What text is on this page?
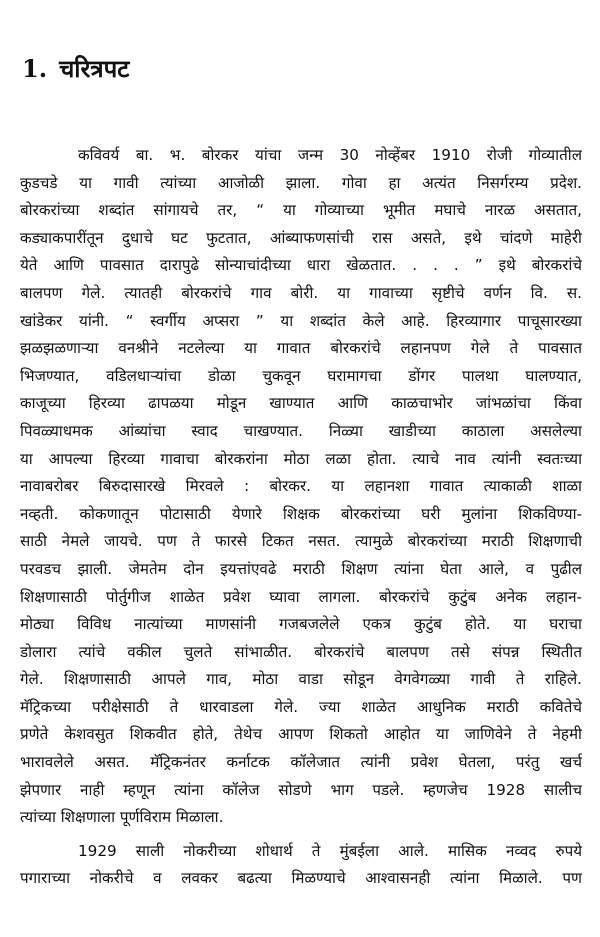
1. चरित्रपट
कविवर्य बा. भ. बोरकर यांचा जन्म 30 नोव्हेंबर 1910 रोजी गोव्यातील
कुडचडे या गावी त्यांच्या आजोळी झाला. गोवा हा अत्यंत निसर्गरम्य प्रदेश.
बोरकरांच्या शब्दांत सांगायचे तर, “ या गोव्याच्या भूमीत मघाचे नारळ असतात,
कड्याकपारींतून दुधाचे घट फुटतात, आंब्याफणसांची रास असते, इथे चांदणे माहेरी
येते आणि पावसात दारापुढे सोन्याचांदीच्या धारा खेळतात. . . . ” इथे बोरकरांचे
बालपण गेले. त्यातही बोरकरांचे गाव बोरी. या गावाच्या सृष्टीचे वर्णन वि. स.
खांडेकर यांनी. “ स्वर्गीय अप्सरा ” या शब्दांत केले आहे. हिरव्यागार पाचूसारख्या
झळझळणाऱ्या वनश्रीने नटलेल्या या गावात बोरकरांचे लहानपण गेले ते पावसात
भिजण्यात, वडिलधाऱ्यांचा डोळा चुकवून घरामागचा डोंगर पालथा घालण्यात,
काजूच्या हिरव्या ढापळया मोडून खाण्यात आणि काळचाभोर जांभळांचा किंवा
पिवळ्याधमक आंब्यांचा स्वाद चाखण्यात. निळ्या खाडीच्या काठाला असलेल्या
या आपल्या हिरव्या गावाचा बोरकरांना मोठा लळा होता. त्याचे नाव त्यांनी स्वतःच्या
नावाबरोबर बिरुदासारखे मिरवले : बोरकर. या लहानशा गावात त्याकाळी शाळा
नव्हती. कोकणातून पोटासाठी येणारे शिक्षक बोरकरांच्या घरी मुलांना शिकविण्या-
साठी नेमले जायचे. पण ते फारसे टिकत नसत. त्यामुळे बोरकरांच्या मराठी शिक्षणाची
परवडच झाली. जेमतेम दोन इयत्तांएवढे मराठी शिक्षण त्यांना घेता आले, व पुढील
शिक्षणासाठी पोर्तुगीज शाळेत प्रवेश घ्यावा लागला. बोरकरांचे कुटुंब अनेक लहान-
मोठ्या विविध नात्यांच्या माणसांनी गजबजलेले एकत्र कुटुंब होते. या घराचा
डोलारा त्यांचे वकील चुलते सांभाळीत. बोरकरांचे बालपण तसे संपन्न स्थितीत
गेले. शिक्षणासाठी आपले गाव, मोठा वाडा सोडून वेगवेगळ्या गावी ते राहिले.
मॅट्रिकच्या परीक्षेसाठी ते धारवाडला गेले. ज्या शाळेत आधुनिक मराठी कवितेचे
प्रणेते केशवसुत शिकवीत होते, तेथेच आपण शिकतो आहोत या जाणिवेने ते नेहमी
भारावलेले असत. मॅट्रिकनंतर कर्नाटक कॉलेजात त्यांनी प्रवेश घेतला, परंतु खर्च
झेपणार नाही म्हणून त्यांना कॉलेज सोडणे भाग पडले. म्हणजेच 1928 सालीच
त्यांच्या शिक्षणाला पूर्णविराम मिळाला.
1929 साली नोकरीच्या शोधार्थ ते मुंबईला आले. मासिक नव्वद रुपये
पगाराच्या नोकरीचे व लवकर बढत्या मिळण्याचे आश्वासनही त्यांना मिळाले. पण
